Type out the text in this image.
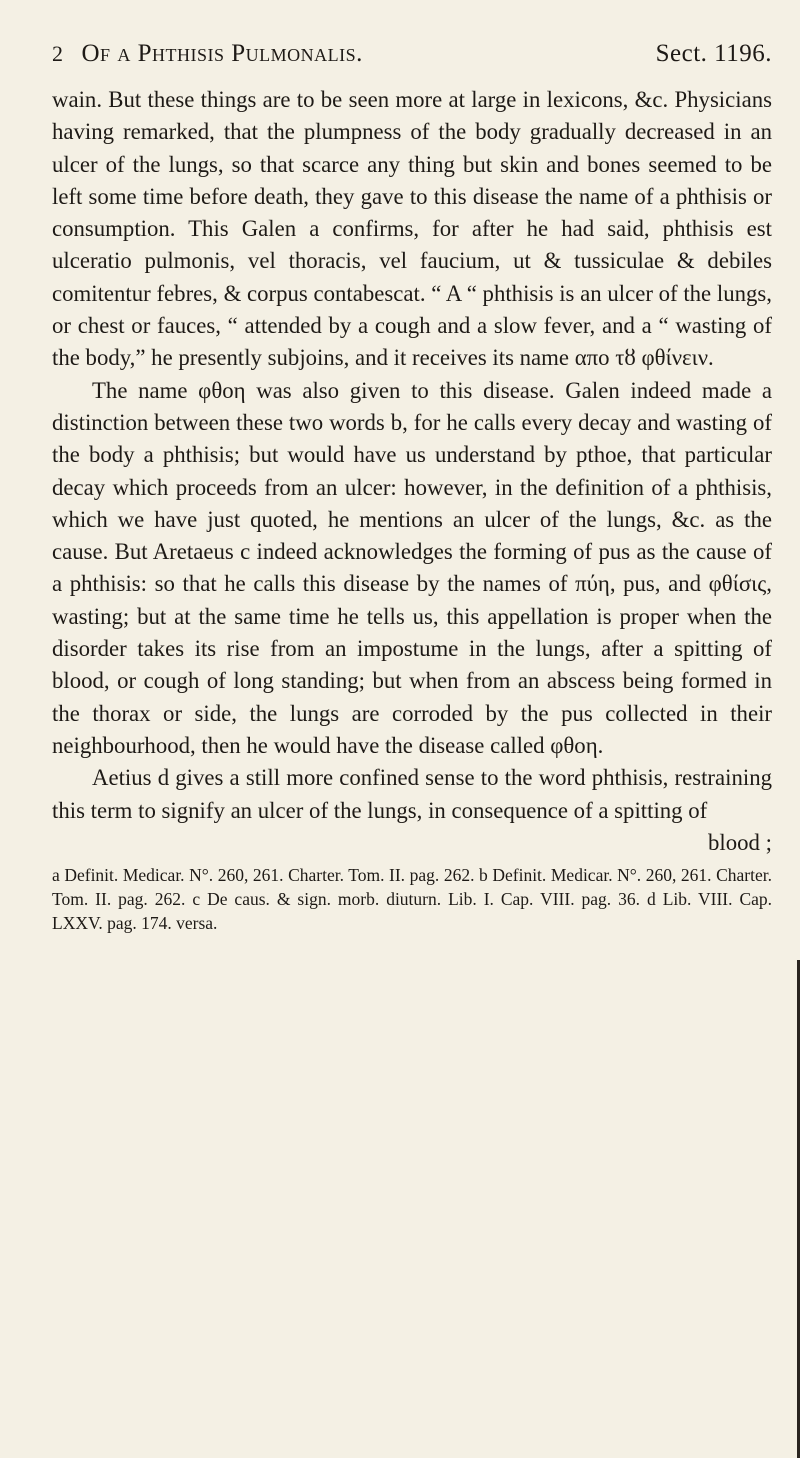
2 Of a Phthisis Pulmonalis.	Sect. 1196.

wain. But these things are to be seen more at large in lexicons, &c. Physicians having remarked, that the plumpness of the body gradually decreased in an ulcer of the lungs, so that scarce any thing but skin and bones seemed to be left some time before death, they gave to this disease the name of a phthisis or consumption. This Galen a confirms, for after he had said, phthisis est ulceratio pulmonis, vel thoracis, vel faucium, ut & tussiculae & debiles comitentur febres, & corpus contabescat. “ A “ phthisis is an ulcer of the lungs, or chest or fauces, “ attended by a cough and a slow fever, and a “ wasting of the body,” he presently subjoins, and it receives its name απο τȣ φθίνειν.

The name φθοη was also given to this disease. Galen indeed made a distinction between these two words b, for he calls every decay and wasting of the body a phthisis; but would have us understand by pthoe, that particular decay which proceeds from an ulcer: however, in the definition of a phthisis, which we have just quoted, he mentions an ulcer of the lungs, &c. as the cause. But Aretaeus c indeed acknowledges the forming of pus as the cause of a phthisis: so that he calls this disease by the names of πύη, pus, and φθίσις, wasting; but at the same time he tells us, this appellation is proper when the disorder takes its rise from an impostume in the lungs, after a spitting of blood, or cough of long standing; but when from an abscess being formed in the thorax or side, the lungs are corroded by the pus collected in their neighbourhood, then he would have the disease called φθοη.

Aetius d gives a still more confined sense to the word phthisis, restraining this term to signify an ulcer of the lungs, in consequence of a spitting of

blood ;
a Definit. Medicar. N°. 260, 261. Charter. Tom. II. pag. 262. b Definit. Medicar. N°. 260, 261. Charter. Tom. II. pag. 262. c De caus. & sign. morb. diuturn. Lib. I. Cap. VIII. pag. 36. d Lib. VIII. Cap. LXXV. pag. 174. versa.
